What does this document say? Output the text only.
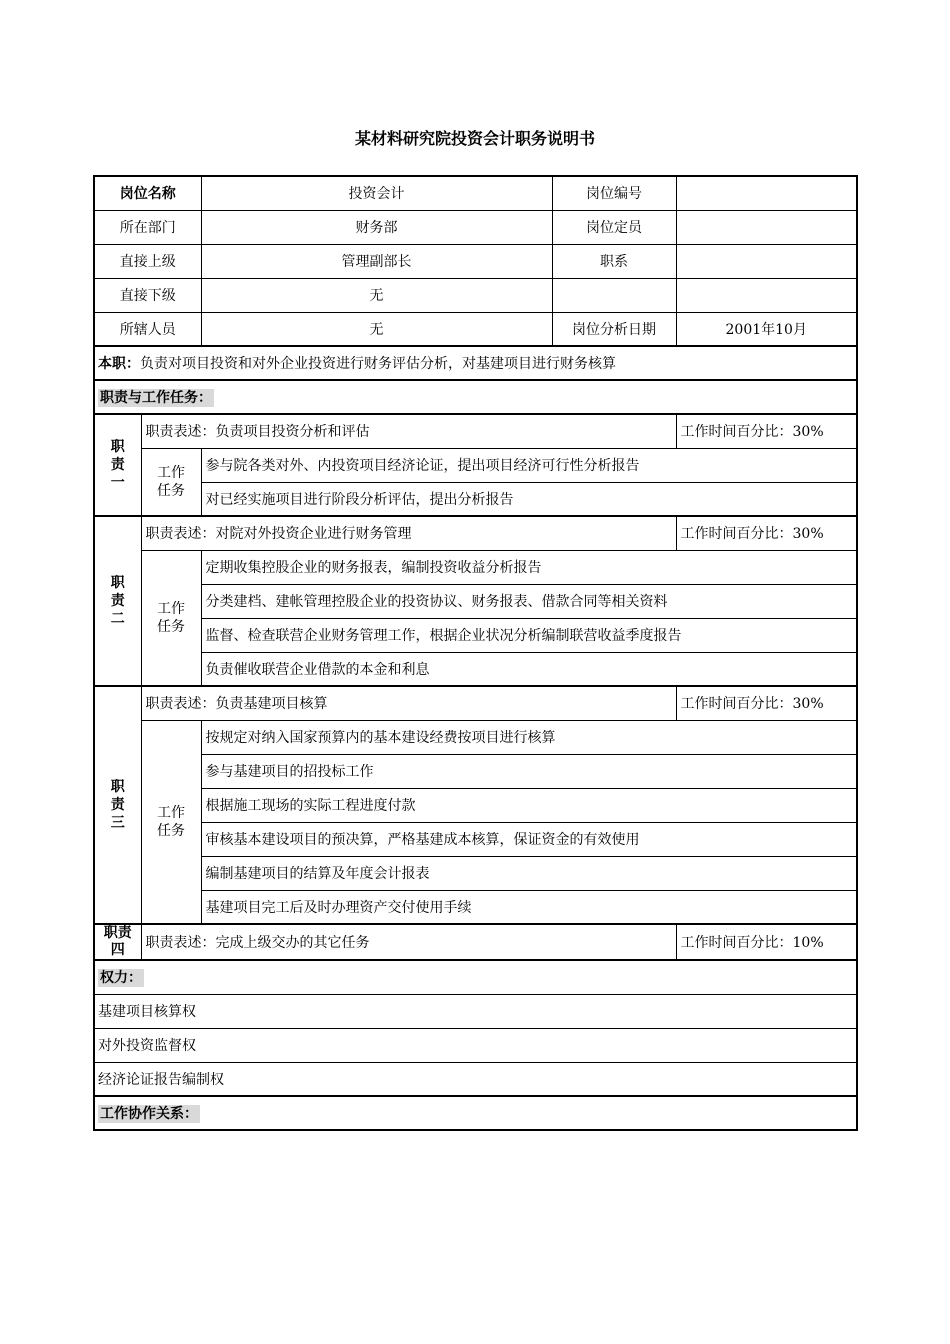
某材料研究院投资会计职务说明书
岗位名称		投资会计	岗位编号	
所在部门		财务部	岗位定员	
直接上级		管理副部长	职系	
直接下级		无		
所辖人员		无	岗位分析日期	2001年10月
本职：负责对项目投资和对外企业投资进行财务评估分析，对基建项目进行财务核算				
职责与工作任务：				
职
责
一	职责表述：负责项目投资分析和评估			工作时间百分比：30%
	工作
任务	参与院各类对外、内投资项目经济论证，提出项目经济可行性分析报告		
		对已经实施项目进行阶段分析评估，提出分析报告		
职
责
二	职责表述：对院对外投资企业进行财务管理			工作时间百分比：30%
	工作
任务	定期收集控股企业的财务报表，编制投资收益分析报告		
		分类建档、建帐管理控股企业的投资协议、财务报表、借款合同等相关资料		
		监督、检查联营企业财务管理工作，根据企业状况分析编制联营收益季度报告		
		负责催收联营企业借款的本金和利息		
职
责
三	职责表述：负责基建项目核算			工作时间百分比：30%
	工作
任务	按规定对纳入国家预算内的基本建设经费按项目进行核算		
		参与基建项目的招投标工作		
		根据施工现场的实际工程进度付款		
		审核基本建设项目的预决算，严格基建成本核算，保证资金的有效使用		
		编制基建项目的结算及年度会计报表		
		基建项目完工后及时办理资产交付使用手续		
职责
四	职责表述：完成上级交办的其它任务			工作时间百分比：10%
权力：				
基建项目核算权				
对外投资监督权				
经济论证报告编制权				
工作协作关系：				
